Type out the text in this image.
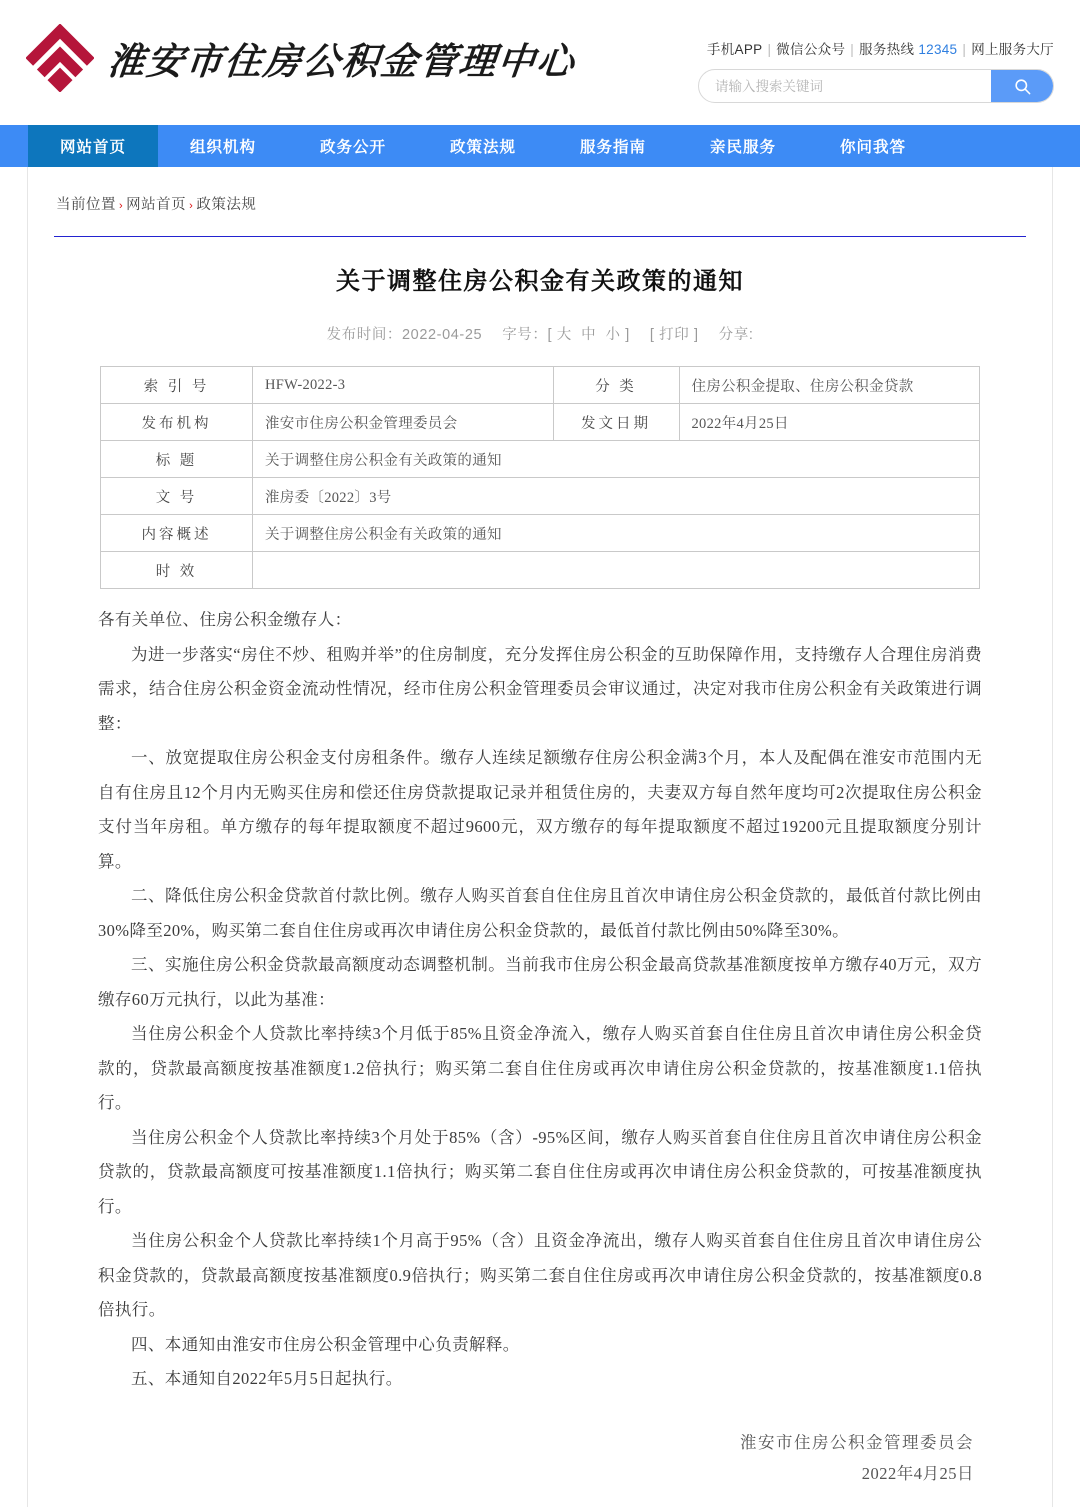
淮安市住房公积金管理中心	手机APP | 微信公众号 | 服务热线 12345 | 网上服务大厅
请输入搜索关键词
网站首页	组织机构	政务公开	政策法规	服务指南	亲民服务	你问我答
当前位置 › 网站首页 › 政策法规
关于调整住房公积金有关政策的通知
发布时间：2022-04-25 字号：[ 大 中 小 ] [ 打印 ] 分享:
索 引 号	HFW-2022-3	分 类	住房公积金提取、住房公积金贷款
发布机构	淮安市住房公积金管理委员会	发文日期	2022年4月25日
标 题	关于调整住房公积金有关政策的通知		
文 号	淮房委〔2022〕3号		
内容概述	关于调整住房公积金有关政策的通知		
时 效			

各有关单位、住房公积金缴存人：

为进一步落实“房住不炒、租购并举”的住房制度，充分发挥住房公积金的互助保障作用，支持缴存人合理住房消费需求，结合住房公积金资金流动性情况，经市住房公积金管理委员会审议通过，决定对我市住房公积金有关政策进行调整：

一、放宽提取住房公积金支付房租条件。缴存人连续足额缴存住房公积金满3个月，本人及配偶在淮安市范围内无自有住房且12个月内无购买住房和偿还住房贷款提取记录并租赁住房的，夫妻双方每自然年度均可2次提取住房公积金支付当年房租。单方缴存的每年提取额度不超过9600元，双方缴存的每年提取额度不超过19200元且提取额度分别计算。

二、降低住房公积金贷款首付款比例。缴存人购买首套自住住房且首次申请住房公积金贷款的，最低首付款比例由30%降至20%，购买第二套自住住房或再次申请住房公积金贷款的，最低首付款比例由50%降至30%。

三、实施住房公积金贷款最高额度动态调整机制。当前我市住房公积金最高贷款基准额度按单方缴存40万元，双方缴存60万元执行，以此为基准：

当住房公积金个人贷款比率持续3个月低于85%且资金净流入，缴存人购买首套自住住房且首次申请住房公积金贷款的，贷款最高额度按基准额度1.2倍执行；购买第二套自住住房或再次申请住房公积金贷款的，按基准额度1.1倍执行。

当住房公积金个人贷款比率持续3个月处于85%（含）-95%区间，缴存人购买首套自住住房且首次申请住房公积金贷款的，贷款最高额度可按基准额度1.1倍执行；购买第二套自住住房或再次申请住房公积金贷款的，可按基准额度执行。

当住房公积金个人贷款比率持续1个月高于95%（含）且资金净流出，缴存人购买首套自住住房且首次申请住房公积金贷款的，贷款最高额度按基准额度0.9倍执行；购买第二套自住住房或再次申请住房公积金贷款的，按基准额度0.8倍执行。

四、本通知由淮安市住房公积金管理中心负责解释。

五、本通知自2022年5月5日起执行。

淮安市住房公积金管理委员会
2022年4月25日
